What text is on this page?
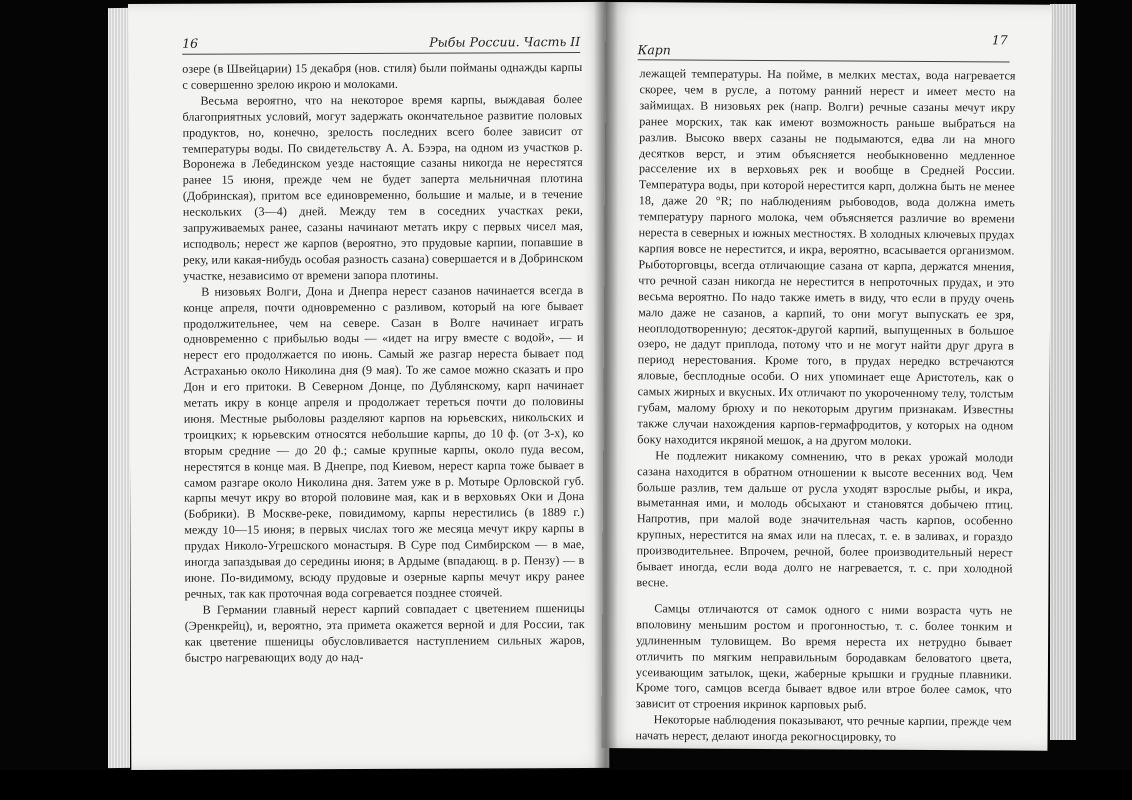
16	Рыбы России. Часть II

озере (в Швейцарии) 15 декабря (нов. стиля) были пойманы однажды карпы с совершенно зрелою икрою и молоками.

Весьма вероятно, что на некоторое время карпы, выждавая более благоприятных условий, могут задержать окончательное развитие половых продуктов, но, конечно, зрелость последних всего более зависит от температуры воды. По свидетельству А. А. Бээра, на одном из участков р. Воронежа в Лебединском уезде настоящие сазаны никогда не нерестятся ранее 15 июня, прежде чем не будет заперта мельничная плотина (Добринская), притом все единовременно, большие и малые, и в течение нескольких (3—4) дней. Между тем в соседних участках реки, запруживаемых ранее, сазаны начинают метать икру с первых чисел мая, исподволь; нерест же карпов (вероятно, это прудовые карпии, попавшие в реку, или какая-нибудь особая разность сазана) совершается и в Добринском участке, независимо от времени запора плотины.

В низовьях Волги, Дона и Днепра нерест сазанов начинается всегда в конце апреля, почти одновременно с разливом, который на юге бывает продолжительнее, чем на севере. Сазан в Волге начинает играть одновременно с прибылью воды — «идет на игру вместе с водой», — и нерест его продолжается по июнь. Самый же разгар нереста бывает под Астраханью около Николина дня (9 мая). То же самое можно сказать и про Дон и его притоки. В Северном Донце, по Дублянскому, карп начинает метать икру в конце апреля и продолжает тереться почти до половины июня. Местные рыболовы разделяют карпов на юрьевских, никольских и троицких; к юрьевским относятся небольшие карпы, до 10 ф. (от 3-х), ко вторым средние — до 20 ф.; самые крупные карпы, около пуда весом, нерестятся в конце мая. В Днепре, под Киевом, нерест карпа тоже бывает в самом разгаре около Николина дня. Затем уже в р. Мотыре Орловской губ. карпы мечут икру во второй половине мая, как и в верховьях Оки и Дона (Бобрики). В Москве-реке, повидимому, карпы нерестились (в 1889 г.) между 10—15 июня; в первых числах того же месяца мечут икру карпы в прудах Николо-Угрешского монастыря. В Суре под Симбирском — в мае, иногда запаздывая до середины июня; в Ардыме (впадающ. в р. Пензу) — в июне. По-видимому, всюду прудовые и озерные карпы мечут икру ранее речных, так как проточная вода согревается позднее стоячей.

В Германии главный нерест карпий совпадает с цветением пшеницы (Эренкрейц), и, вероятно, эта примета окажется верной и для России, так как цветение пшеницы обусловливается наступлением сильных жаров, быстро нагревающих воду до над-

Карп
17

лежащей температуры. На пойме, в мелких местах, вода нагревается скорее, чем в русле, а потому ранний нерест и имеет место на займищах. В низовьях рек (напр. Волги) речные сазаны мечут икру ранее морских, так как имеют возможность раньше выбраться на разлив. Высоко вверх сазаны не подымаются, едва ли на много десятков верст, и этим объясняется необыкновенно медленное расселение их в верховьях рек и вообще в Средней России. Температура воды, при которой нерестится карп, должна быть не менее 18, даже 20 °R; по наблюдениям рыбоводов, вода должна иметь температуру парного молока, чем объясняется различие во времени нереста в северных и южных местностях. В холодных ключевых прудах карпия вовсе не нерестится, и икра, вероятно, всасывается организмом. Рыботорговцы, всегда отличающие сазана от карпа, держатся мнения, что речной сазан никогда не нерестится в непроточных прудах, и это весьма вероятно. По надо также иметь в виду, что если в пруду очень мало даже не сазанов, а карпий, то они могут выпускать ее зря, неоплодотворенную; десяток-другой карпий, выпущенных в большое озеро, не дадут приплода, потому что и не могут найти друг друга в период нерестования. Кроме того, в прудах нередко встречаются яловые, бесплодные особи. О них упоминает еще Аристотель, как о самых жирных и вкусных. Их отличают по укороченному телу, толстым губам, малому брюху и по некоторым другим признакам. Известны также случаи нахождения карпов-гермафродитов, у которых на одном боку находится икряной мешок, а на другом молоки.

Не подлежит никакому сомнению, что в реках урожай молоди сазана находится в обратном отношении к высоте весенних вод. Чем больше разлив, тем дальше от русла уходят взрослые рыбы, и икра, выметанная ими, и молодь обсыхают и становятся добычею птиц. Напротив, при малой воде значительная часть карпов, особенно крупных, нерестится на ямах или на плесах, т. е. в заливах, и гораздо производительнее. Впрочем, речной, более производительный нерест бывает иногда, если вода долго не нагревается, т. с. при холодной весне.

Самцы отличаются от самок одного с ними возраста чуть не вполовину меньшим ростом и прогонностью, т. с. более тонким и удлиненным туловищем. Во время нереста их нетрудно бывает отличить по мягким неправильным бородавкам беловатого цвета, усеивающим затылок, щеки, жаберные крышки и грудные плавники. Кроме того, самцов всегда бывает вдвое или втрое более самок, что зависит от строения икринок карповых рыб.

Некоторые наблюдения показывают, что речные карпии, прежде чем начать нерест, делают иногда рекогносцировку, то
